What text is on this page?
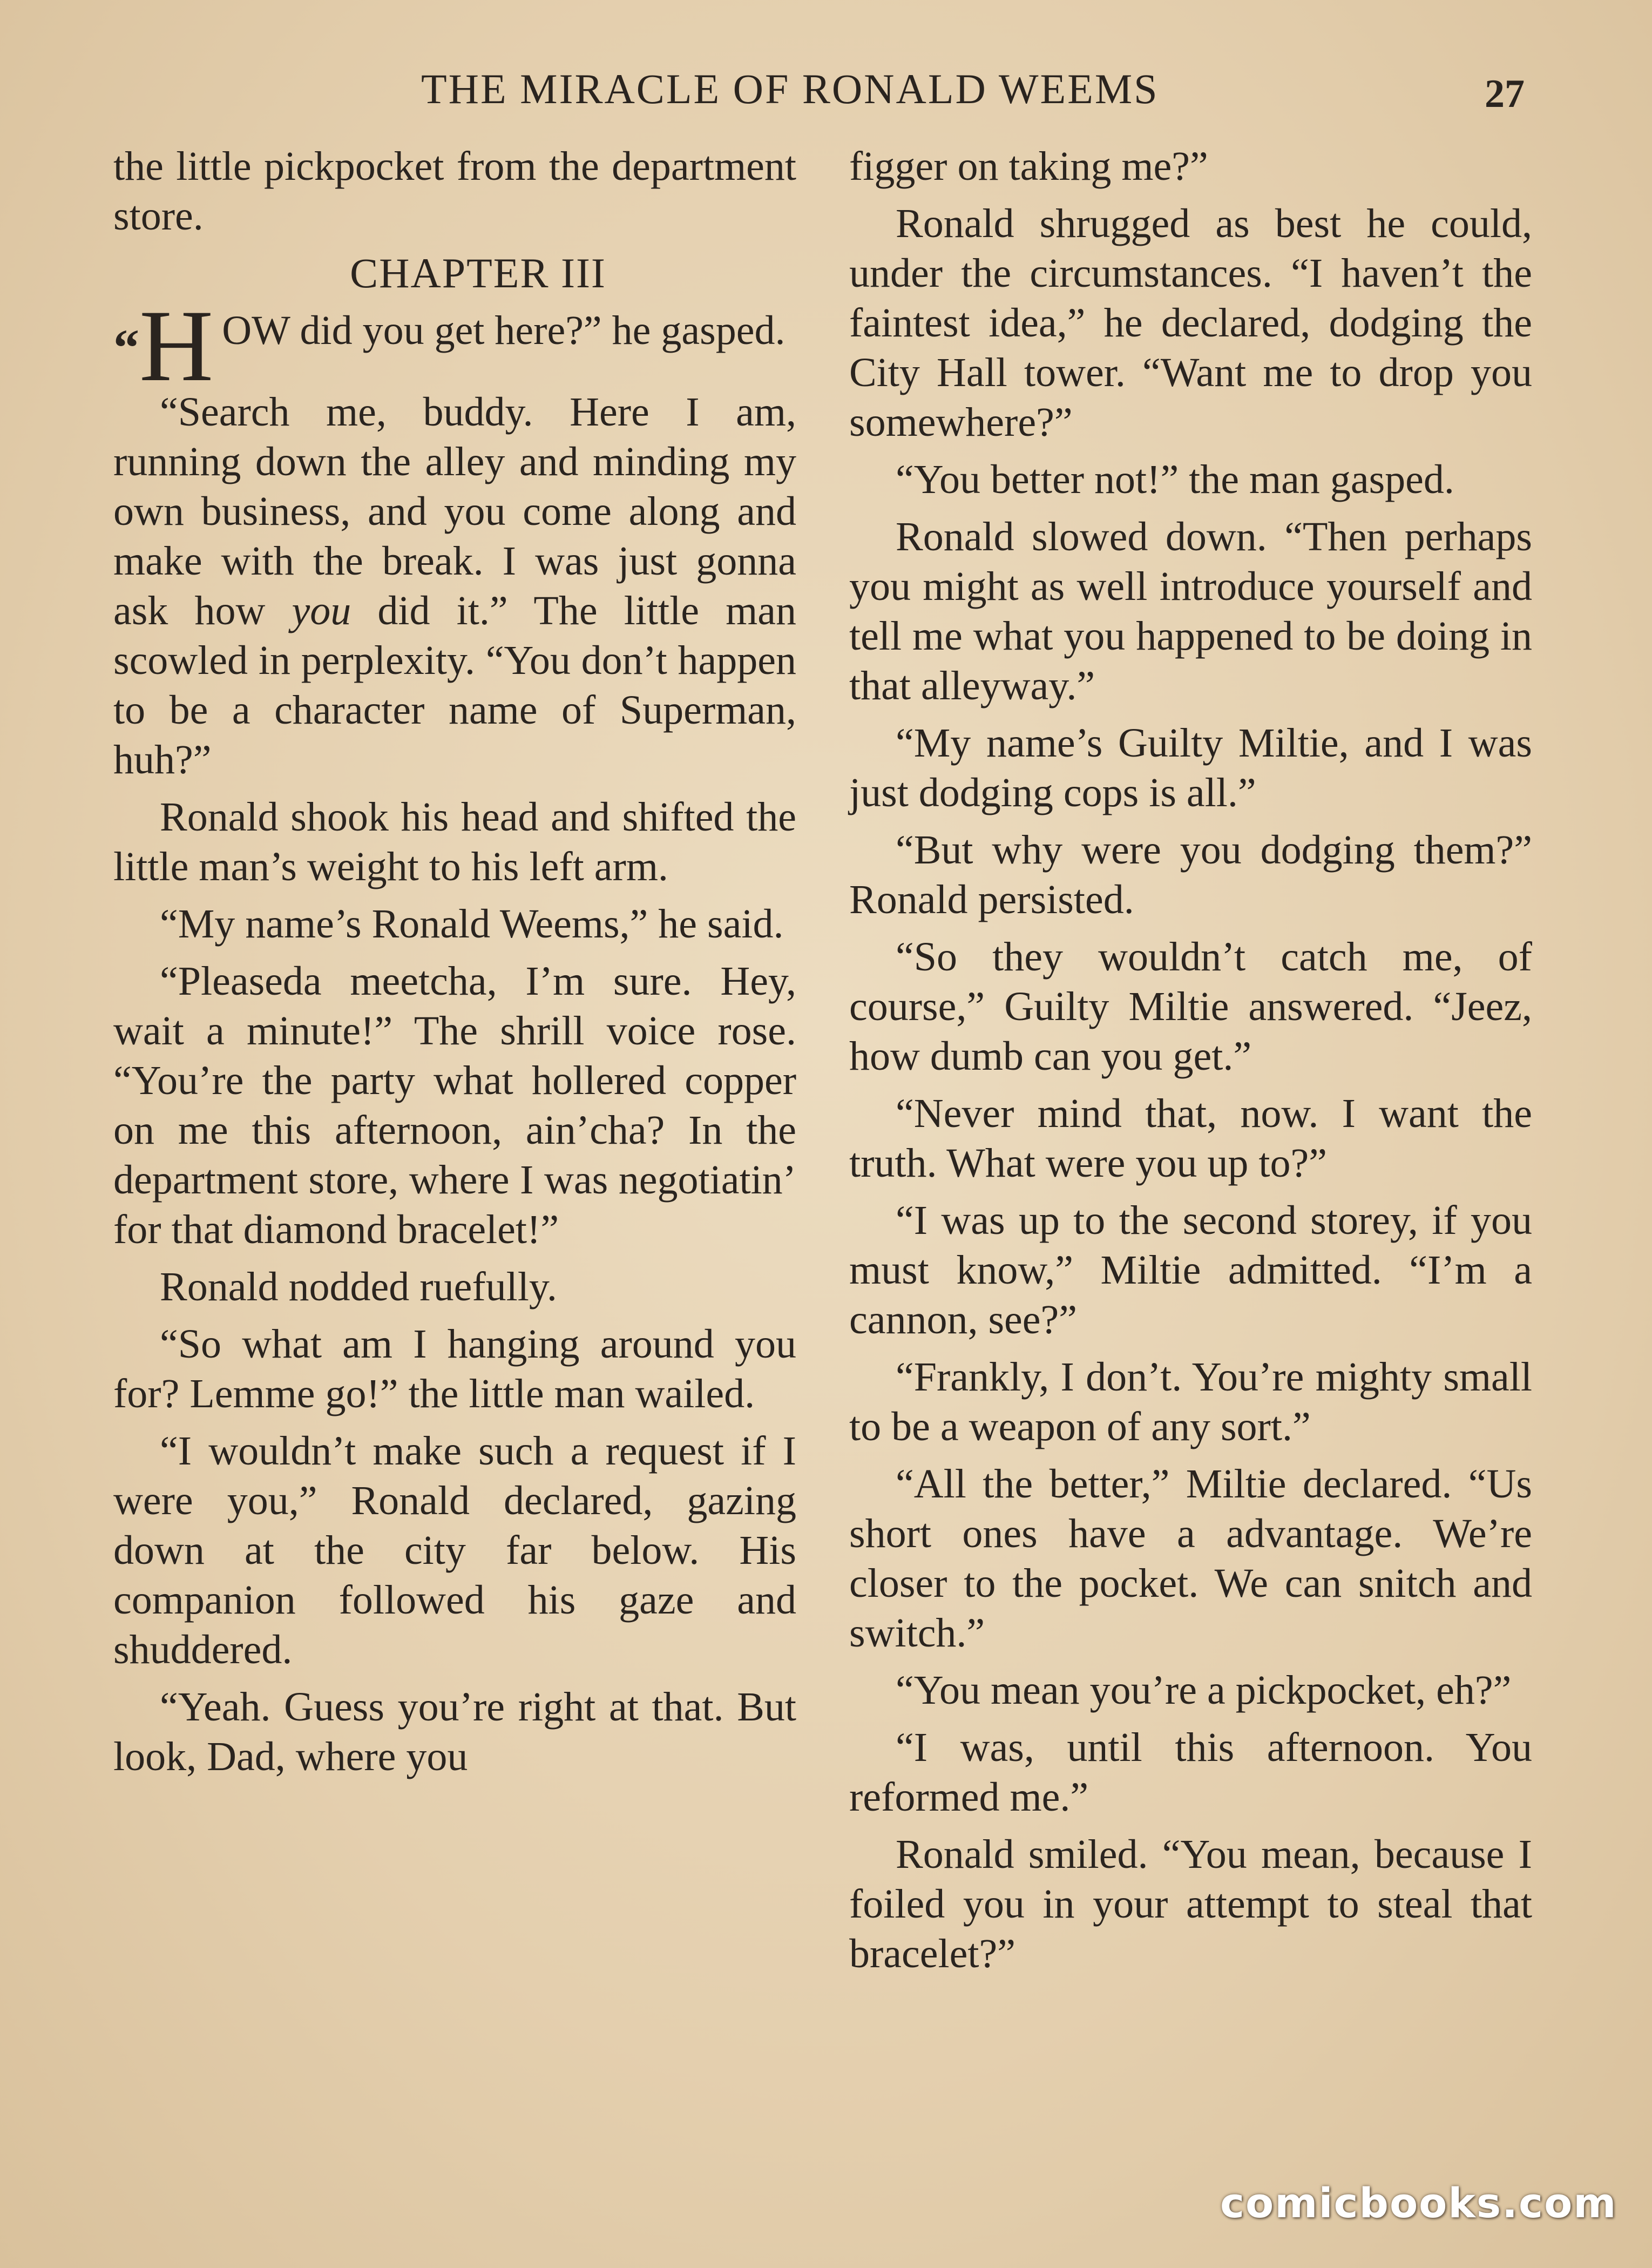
THE MIRACLE OF RONALD WEEMS	27

the little pickpocket from the department store.

CHAPTER III

“H OW did you get here?” he gasped.

“Search me, buddy. Here I am, running down the alley and minding my own business, and you come along and make with the break. I was just gonna ask how you did it.” The little man scowled in perplexity. “You don’t happen to be a character name of Superman, huh?”

Ronald shook his head and shifted the little man’s weight to his left arm.

“My name’s Ronald Weems,” he said.

“Pleaseda meetcha, I’m sure. Hey, wait a minute!” The shrill voice rose. “You’re the party what hollered copper on me this afternoon, ain’cha? In the department store, where I was negotiatin’ for that diamond bracelet!”

Ronald nodded ruefully.

“So what am I hanging around you for? Lemme go!” the little man wailed.

“I wouldn’t make such a request if I were you,” Ronald declared, gazing down at the city far below. His companion followed his gaze and shuddered.

“Yeah. Guess you’re right at that. But look, Dad, where you

figger on taking me?”

Ronald shrugged as best he could, under the circumstances. “I haven’t the faintest idea,” he declared, dodging the City Hall tower. “Want me to drop you somewhere?”

“You better not!” the man gasped.

Ronald slowed down. “Then perhaps you might as well introduce yourself and tell me what you happened to be doing in that alleyway.”

“My name’s Guilty Miltie, and I was just dodging cops is all.”

“But why were you dodging them?” Ronald persisted.

“So they wouldn’t catch me, of course,” Guilty Miltie answered. “Jeez, how dumb can you get.”

“Never mind that, now. I want the truth. What were you up to?”

“I was up to the second storey, if you must know,” Miltie admitted. “I’m a cannon, see?”

“Frankly, I don’t. You’re mighty small to be a weapon of any sort.”

“All the better,” Miltie declared. “Us short ones have a advantage. We’re closer to the pocket. We can snitch and switch.”

“You mean you’re a pickpocket, eh?”

“I was, until this afternoon. You reformed me.”

Ronald smiled. “You mean, because I foiled you in your attempt to steal that bracelet?”

comicbooks.com
